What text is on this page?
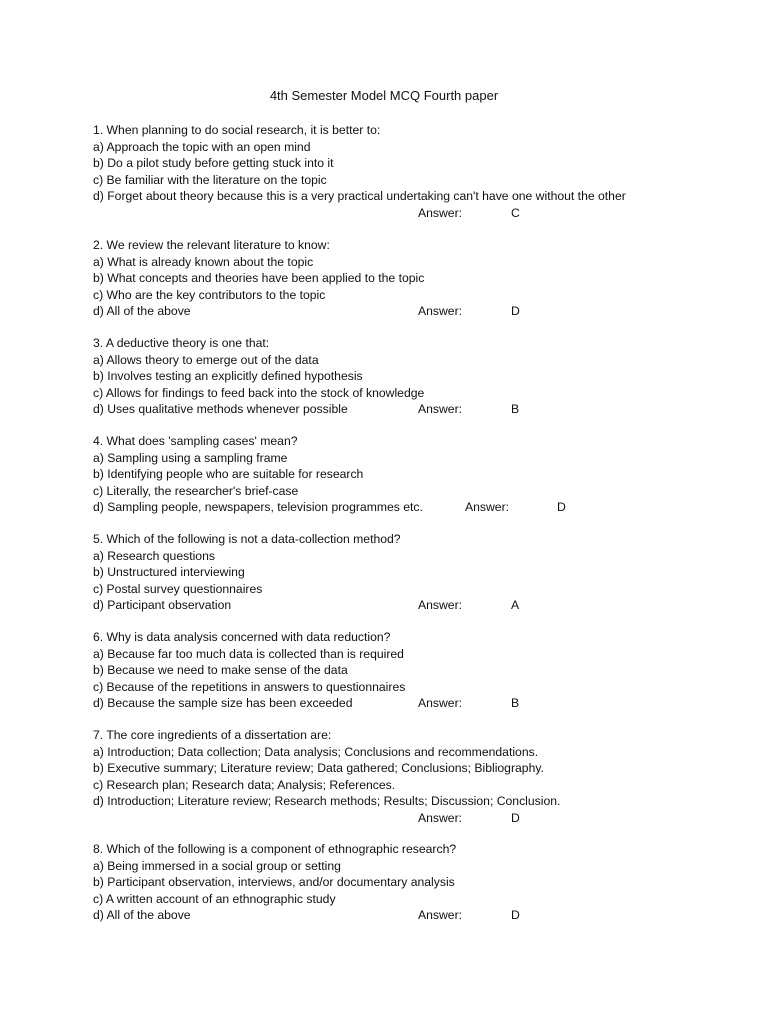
4th Semester Model MCQ Fourth paper
1. When planning to do social research, it is better to:
a) Approach the topic with an open mind
b) Do a pilot study before getting stuck into it
c) Be familiar with the literature on the topic
d) Forget about theory because this is a very practical undertaking can't have one without the other
Answer:	C
2. We review the relevant literature to know:
a) What is already known about the topic
b) What concepts and theories have been applied to the topic
c) Who are the key contributors to the topic
d) All of the above	Answer:	D
3. A deductive theory is one that:
a) Allows theory to emerge out of the data
b) Involves testing an explicitly defined hypothesis
c) Allows for findings to feed back into the stock of knowledge
d) Uses qualitative methods whenever possible	Answer:	B
4. What does 'sampling cases' mean?
a) Sampling using a sampling frame
b) Identifying people who are suitable for research
c) Literally, the researcher's brief-case
d) Sampling people, newspapers, television programmes etc.	Answer:	D
5. Which of the following is not a data-collection method?
a) Research questions
b) Unstructured interviewing
c) Postal survey questionnaires
d) Participant observation	Answer:	A
6. Why is data analysis concerned with data reduction?
a) Because far too much data is collected than is required
b) Because we need to make sense of the data
c) Because of the repetitions in answers to questionnaires
d) Because the sample size has been exceeded	Answer:	B
7. The core ingredients of a dissertation are:
a) Introduction; Data collection; Data analysis; Conclusions and recommendations.
b) Executive summary; Literature review; Data gathered; Conclusions; Bibliography.
c) Research plan; Research data; Analysis; References.
d) Introduction; Literature review; Research methods; Results; Discussion; Conclusion.
Answer:	D
8. Which of the following is a component of ethnographic research?
a) Being immersed in a social group or setting
b) Participant observation, interviews, and/or documentary analysis
c) A written account of an ethnographic study
d) All of the above	Answer:	D
